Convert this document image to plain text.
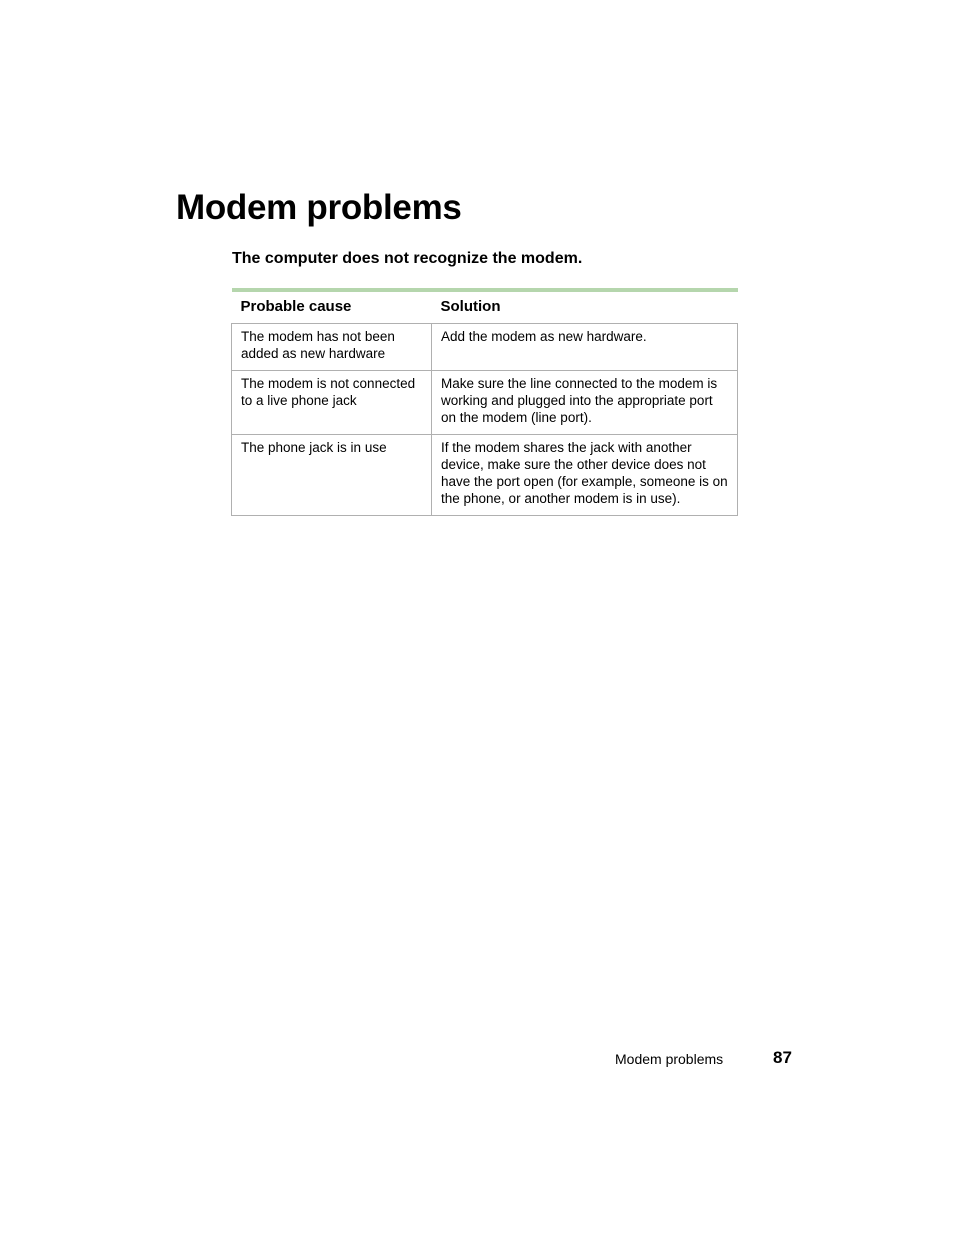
Modem problems
The computer does not recognize the modem.
Probable cause	Solution
The modem has not been added as new hardware	Add the modem as new hardware.
The modem is not connected to a live phone jack	Make sure the line connected to the modem is working and plugged into the appropriate port on the modem (line port).
The phone jack is in use	If the modem shares the jack with another device, make sure the other device does not have the port open (for example, someone is on the phone, or another modem is in use).
Modem problems	87
